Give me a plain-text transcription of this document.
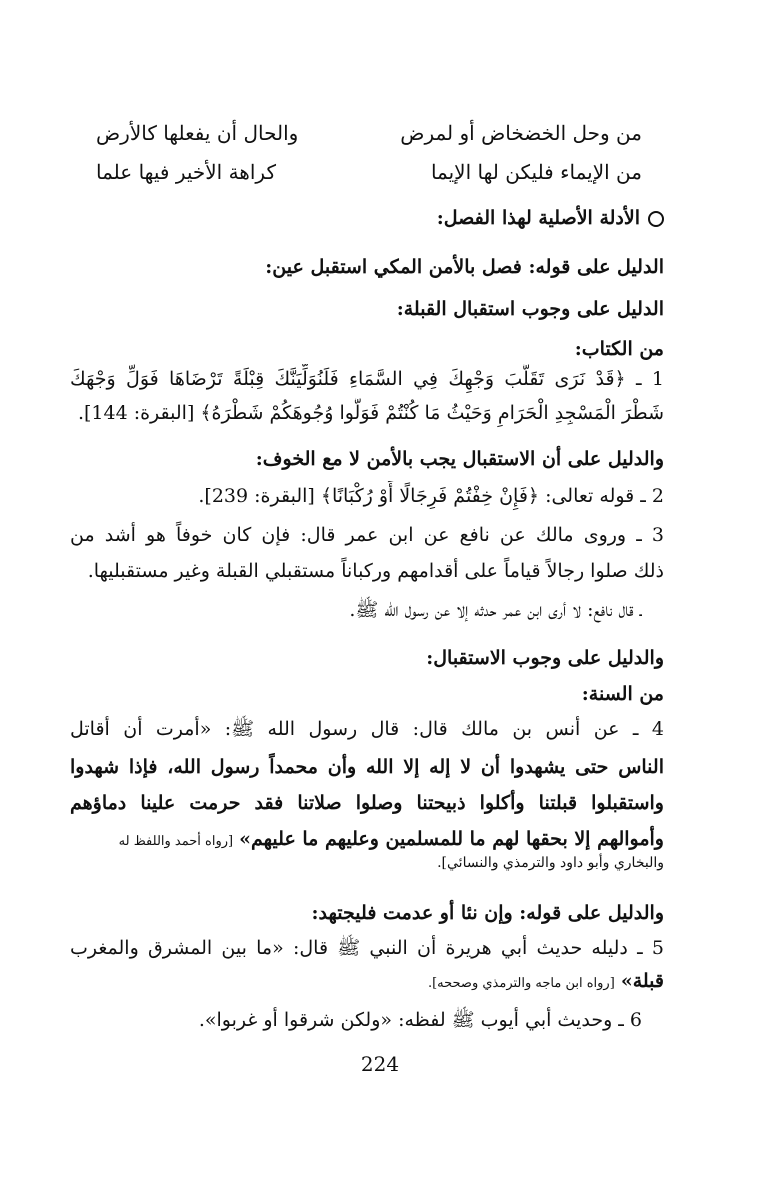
من وحل الخضخاض أو لمرض
والحال أن يفعلها كالأرض
من الإيماء فليكن لها الإيما
كراهة الأخير فيها علما
الأدلة الأصلية لهذا الفصل:
الدليل على قوله: فصل بالأمن المكي استقبل عين:
الدليل على وجوب استقبال القبلة:
من الكتاب:
1 ـ ﴿قَدْ نَرَى تَقَلُّبَ وَجْهِكَ فِي السَّمَاءِ فَلَنُوَلِّيَنَّكَ قِبْلَةً تَرْضَاهَا فَوَلِّ وَجْهَكَ
شَطْرَ الْمَسْجِدِ الْحَرَامِ وَحَيْثُ مَا كُنْتُمْ فَوَلُّوا وُجُوهَكُمْ شَطْرَهُ﴾ [البقرة: 144].
والدليل على أن الاستقبال يجب بالأمن لا مع الخوف:
2 ـ قوله تعالى: ﴿فَإِنْ خِفْتُمْ فَرِجَالًا أَوْ رُكْبَانًا﴾ [البقرة: 239].
3 ـ وروى مالك عن نافع عن ابن عمر قال: فإن كان خوفاً هو أشد من
ذلك صلوا رجالاً قياماً على أقدامهم وركباناً مستقبلي القبلة وغير مستقبليها.
ـ قال نافع: لا أرى ابن عمر حدثه إلا عن رسول الله ﷺ.
والدليل على وجوب الاستقبال:
من السنة:
4 ـ عن أنس بن مالك قال: قال رسول الله ﷺ: «أمرت أن أقاتل
الناس حتى يشهدوا أن لا إله إلا الله وأن محمداً رسول الله، فإذا شهدوا
واستقبلوا قبلتنا وأكلوا ذبيحتنا وصلوا صلاتنا فقد حرمت علينا دماؤهم
وأموالهم إلا بحقها لهم ما للمسلمين وعليهم ما عليهم» [رواه أحمد واللفظ له
والبخاري وأبو داود والترمذي والنسائي].
والدليل على قوله: وإن نئا أو عدمت فليجتهد:
5 ـ دليله حديث أبي هريرة أن النبي ﷺ قال: «ما بين المشرق والمغرب
قبلة» [رواه ابن ماجه والترمذي وصححه].
6 ـ وحديث أبي أيوب ﷺ لفظه: «ولكن شرقوا أو غربوا».
224
